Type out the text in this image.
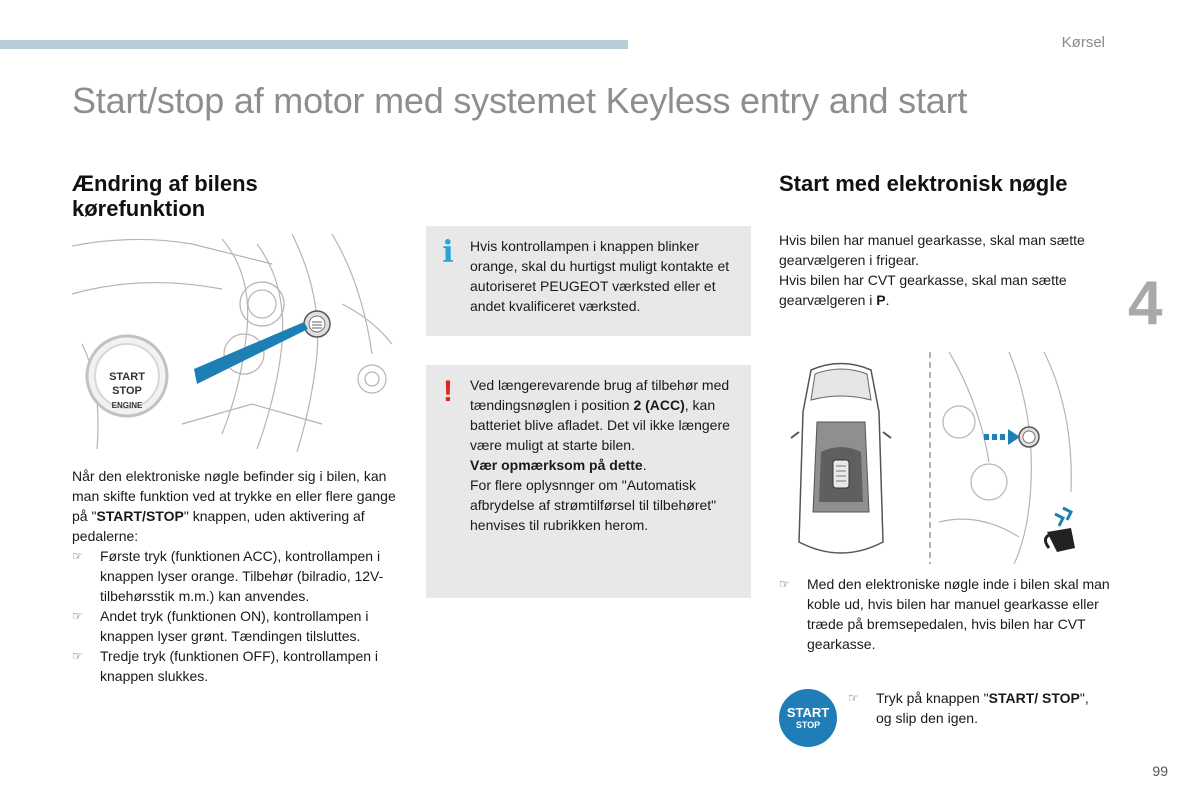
Kørsel
Start/stop af motor med systemet Keyless entry and start
4
Ændring af bilens kørefunktion
START
STOP
ENGINE
Når den elektroniske nøgle befinder sig i bilen, kan man skifte funktion ved at trykke en eller flere gange på "START/STOP" knappen, uden aktivering af pedalerne:
☞ Første tryk (funktionen ACC), kontrollampen i knappen lyser orange. Tilbehør (bilradio, 12V-tilbehørsstik m.m.) kan anvendes.
☞ Andet tryk (funktionen ON), kontrollampen i knappen lyser grønt. Tændingen tilsluttes.
☞ Tredje tryk (funktionen OFF), kontrollampen i knappen slukkes.
i	Hvis kontrollampen i knappen blinker orange, skal du hurtigst muligt kontakte et autoriseret PEUGEOT værksted eller et andet kvalificeret værksted.
!	Ved længerevarende brug af tilbehør med tændingsnøglen i position 2 (ACC), kan batteriet blive afladet. Det vil ikke længere være muligt at starte bilen.
Vær opmærksom på dette.
For flere oplysnnger om "Automatisk afbrydelse af strømtilførsel til tilbehøret" henvises til rubrikken herom.
Start med elektronisk nøgle
Hvis bilen har manuel gearkasse, skal man sætte gearvælgeren i frigear.
Hvis bilen har CVT gearkasse, skal man sætte gearvælgeren i P.
☞ Med den elektroniske nøgle inde i bilen skal man koble ud, hvis bilen har manuel gearkasse eller træde på bremsepedalen, hvis bilen har CVT gearkasse.
START
STOP
☞ Tryk på knappen "START/ STOP", og slip den igen.
99
